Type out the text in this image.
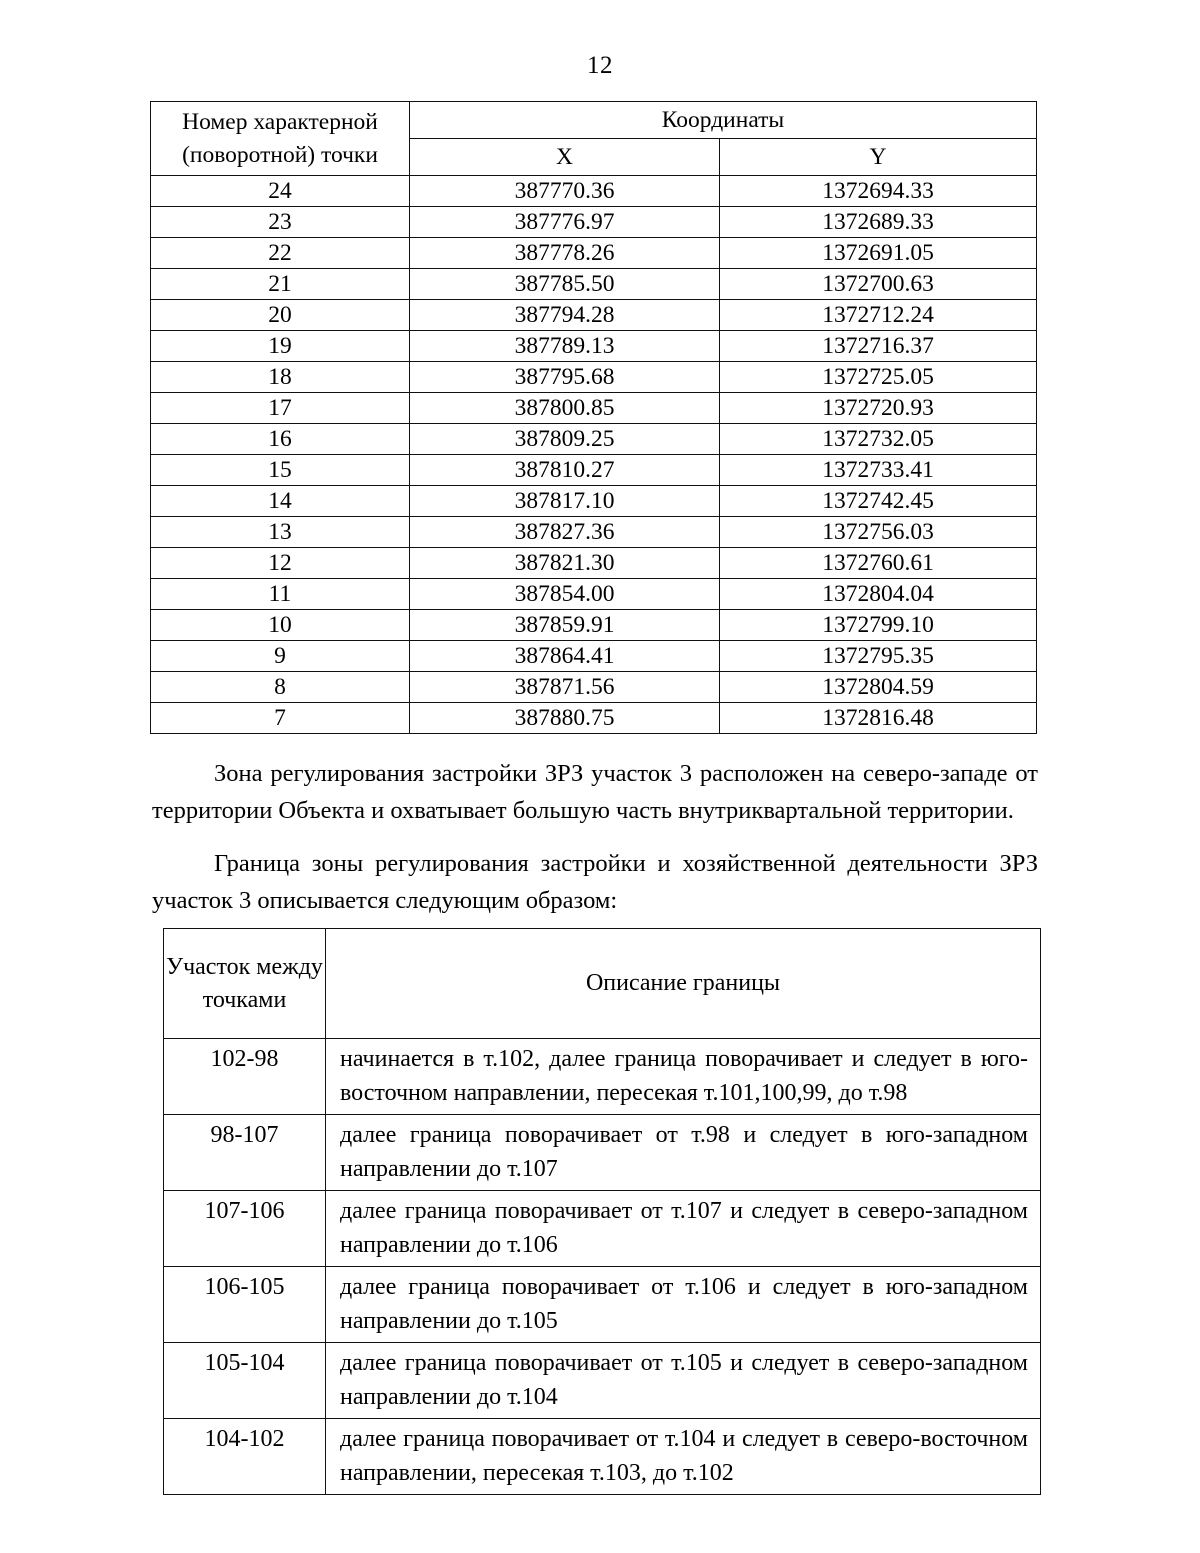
12
Номер характерной (поворотной) точки	Координаты	
	X	Y
24	387770.36	1372694.33
23	387776.97	1372689.33
22	387778.26	1372691.05
21	387785.50	1372700.63
20	387794.28	1372712.24
19	387789.13	1372716.37
18	387795.68	1372725.05
17	387800.85	1372720.93
16	387809.25	1372732.05
15	387810.27	1372733.41
14	387817.10	1372742.45
13	387827.36	1372756.03
12	387821.30	1372760.61
11	387854.00	1372804.04
10	387859.91	1372799.10
9	387864.41	1372795.35
8	387871.56	1372804.59
7	387880.75	1372816.48
Зона регулирования застройки ЗРЗ участок 3 расположен на северо-западе от территории Объекта и охватывает большую часть внутриквартальной территории.
Граница зоны регулирования застройки и хозяйственной деятельности ЗРЗ участок 3 описывается следующим образом:
Участок между точками	Описание границы
102-98	начинается в т.102, далее граница поворачивает и следует в юго-восточном направлении, пересекая т.101,100,99, до т.98
98-107	далее граница поворачивает от т.98 и следует в юго-западном направлении до т.107
107-106	далее граница поворачивает от т.107 и следует в северо-западном направлении до т.106
106-105	далее граница поворачивает от т.106 и следует в юго-западном направлении до т.105
105-104	далее граница поворачивает от т.105 и следует в северо-западном направлении до т.104
104-102	далее граница поворачивает от т.104 и следует в северо-восточном направлении, пересекая т.103, до т.102
